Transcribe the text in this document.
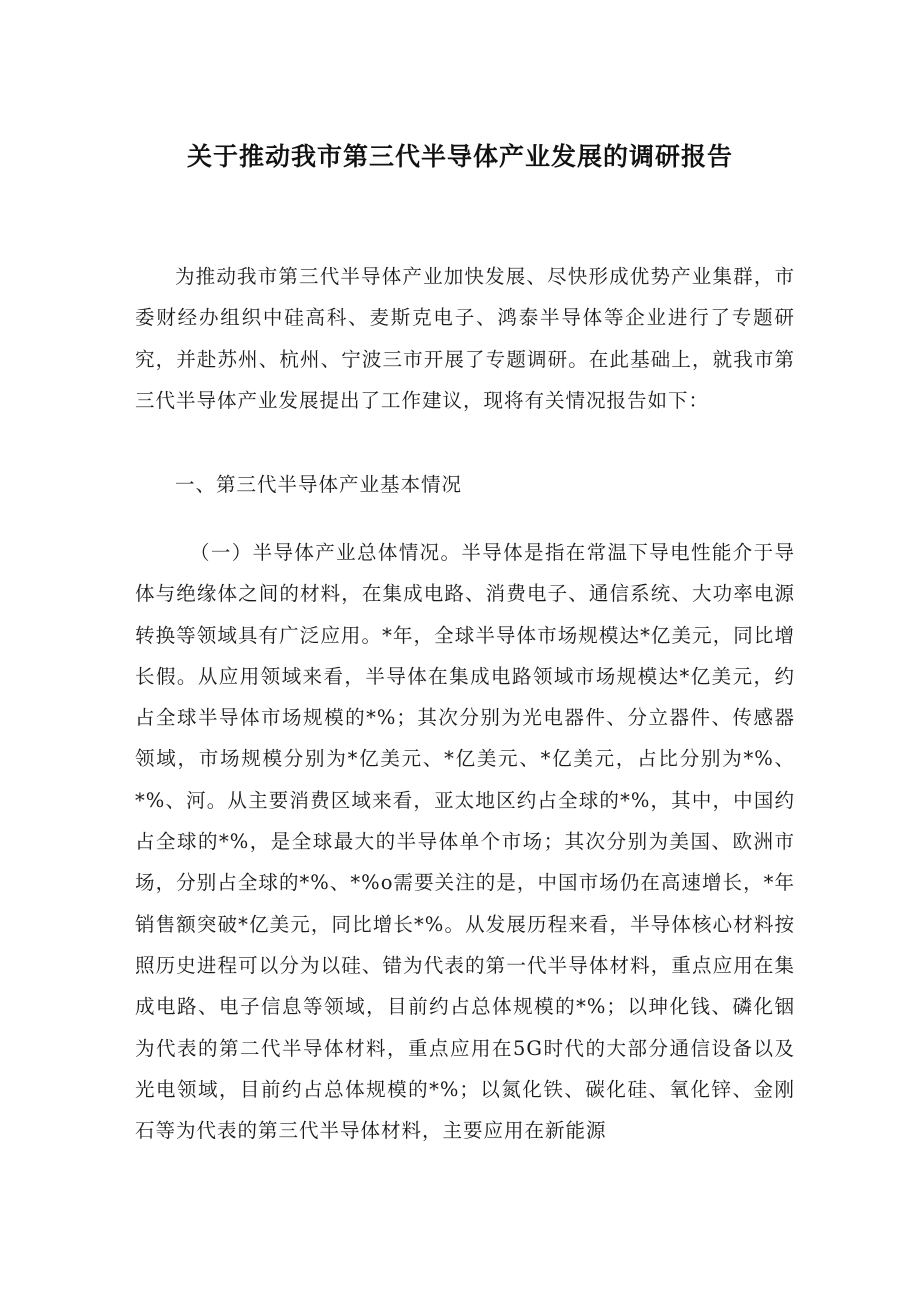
关于推动我市第三代半导体产业发展的调研报告

为推动我市第三代半导体产业加快发展、尽快形成优势产业集群，市委财经办组织中硅高科、麦斯克电子、鸿泰半导体等企业进行了专题研究，并赴苏州、杭州、宁波三市开展了专题调研。在此基础上，就我市第三代半导体产业发展提出了工作建议，现将有关情况报告如下：

一、第三代半导体产业基本情况

（一）半导体产业总体情况。半导体是指在常温下导电性能介于导体与绝缘体之间的材料，在集成电路、消费电子、通信系统、大功率电源转换等领域具有广泛应用。*年，全球半导体市场规模达*亿美元，同比增长假。从应用领域来看，半导体在集成电路领域市场规模达*亿美元，约占全球半导体市场规模的*%；其次分别为光电器件、分立器件、传感器领域，市场规模分别为*亿美元、*亿美元、*亿美元，占比分别为*%、*%、河。从主要消费区域来看，亚太地区约占全球的*%，其中，中国约占全球的*%，是全球最大的半导体单个市场；其次分别为美国、欧洲市场，分别占全球的*%、*%o需要关注的是，中国市场仍在高速增长，*年销售额突破*亿美元，同比增长*%。从发展历程来看，半导体核心材料按照历史进程可以分为以硅、错为代表的第一代半导体材料，重点应用在集成电路、电子信息等领域，目前约占总体规模的*%；以珅化钱、磷化铟为代表的第二代半导体材料，重点应用在5G时代的大部分通信设备以及光电领域，目前约占总体规模的*%；以氮化铁、碳化硅、氧化锌、金刚石等为代表的第三代半导体材料，主要应用在新能源
